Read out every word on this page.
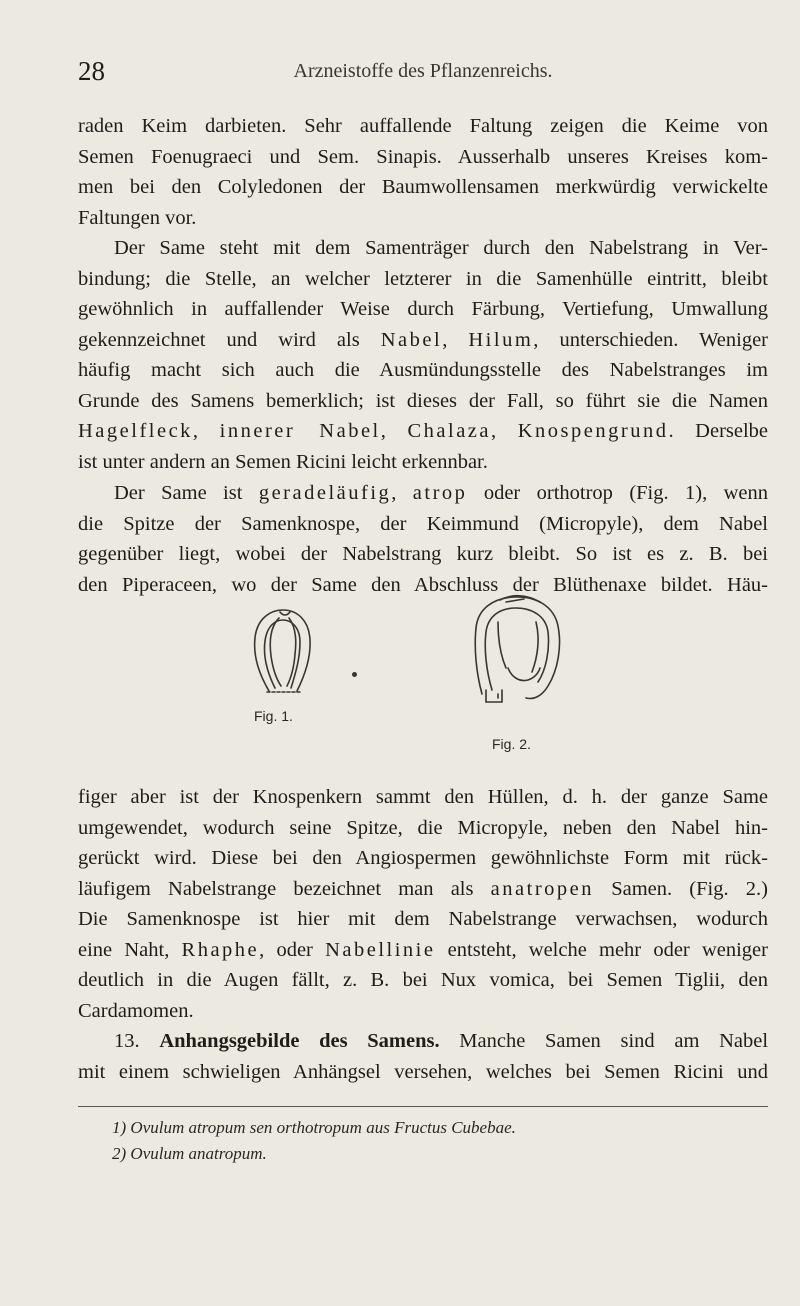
28	Arzneistoffe des Pflanzenreichs.
raden Keim darbieten. Sehr auffallende Faltung zeigen die Keime von
Semen Foenugraeci und Sem. Sinapis. Ausserhalb unseres Kreises kom-
men bei den Colyledonen der Baumwollensamen merkwürdig verwickelte
Faltungen vor.
Der Same steht mit dem Samenträger durch den Nabelstrang in Ver-
bindung; die Stelle, an welcher letzterer in die Samenhülle eintritt, bleibt
gewöhnlich in auffallender Weise durch Färbung, Vertiefung, Umwallung
gekennzeichnet und wird als Nabel, Hilum, unterschieden. Weniger
häufig macht sich auch die Ausmündungsstelle des Nabelstranges im
Grunde des Samens bemerklich; ist dieses der Fall, so führt sie die Namen
Hagelfleck, innerer Nabel, Chalaza, Knospengrund. Derselbe
ist unter andern an Semen Ricini leicht erkennbar.
Der Same ist geradeläufig, atrop oder orthotrop (Fig. 1), wenn
die Spitze der Samenknospe, der Keimmund (Micropyle), dem Nabel
gegenüber liegt, wobei der Nabelstrang kurz bleibt. So ist es z. B. bei
den Piperaceen, wo der Same den Abschluss der Blüthenaxe bildet. Häu-
Fig. 1.
Fig. 2.
figer aber ist der Knospenkern sammt den Hüllen, d. h. der ganze Same
umgewendet, wodurch seine Spitze, die Micropyle, neben den Nabel hin-
gerückt wird. Diese bei den Angiospermen gewöhnlichste Form mit rück-
läufigem Nabelstrange bezeichnet man als anatropen Samen. (Fig. 2.)
Die Samenknospe ist hier mit dem Nabelstrange verwachsen, wodurch
eine Naht, Rhaphe, oder Nabellinie entsteht, welche mehr oder weniger
deutlich in die Augen fällt, z. B. bei Nux vomica, bei Semen Tiglii, den
Cardamomen.
13. Anhangsgebilde des Samens. Manche Samen sind am Nabel
mit einem schwieligen Anhängsel versehen, welches bei Semen Ricini und
1) Ovulum atropum sen orthotropum aus Fructus Cubebae.
2) Ovulum anatropum.
